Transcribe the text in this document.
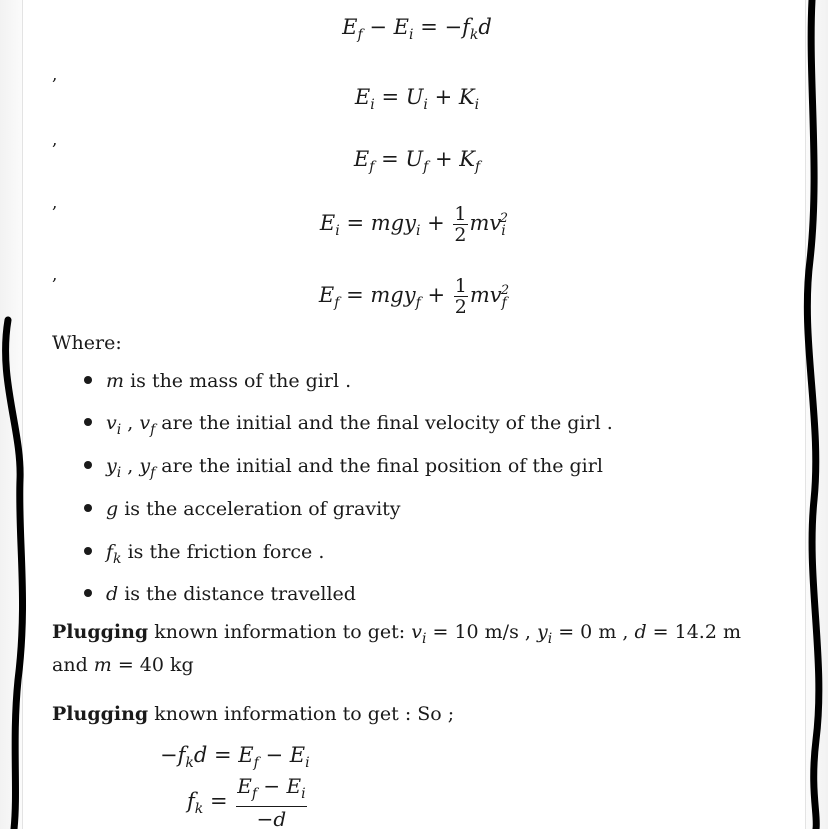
$E_f - E_i = -f_kd$
,
$E_i = U_i + K_i$
,
$E_f = U_f + K_f$
,
$E_i = mgy_i + \frac{1}{2} mv_i^2$
,
$E_f = mgy_f + \frac{1}{2} mv_f^2$
Where:
m is the mass of the girl .
$v_i$ , $v_f$ are the initial and the final velocity of the girl .
$y_i$ , $y_f$ are the initial and the final position of the girl
g is the acceleration of gravity
$f_k$ is the friction force .
d is the distance travelled
Plugging known information to get: $v_i = 10$ m/s , $y_i = 0$ m , d = 14.2 m
and m = 40 kg
Plugging known information to get : So ;
$-f_kd = E_f - E_i$
$f_k = \frac{E_f - E_i}{-d}$
